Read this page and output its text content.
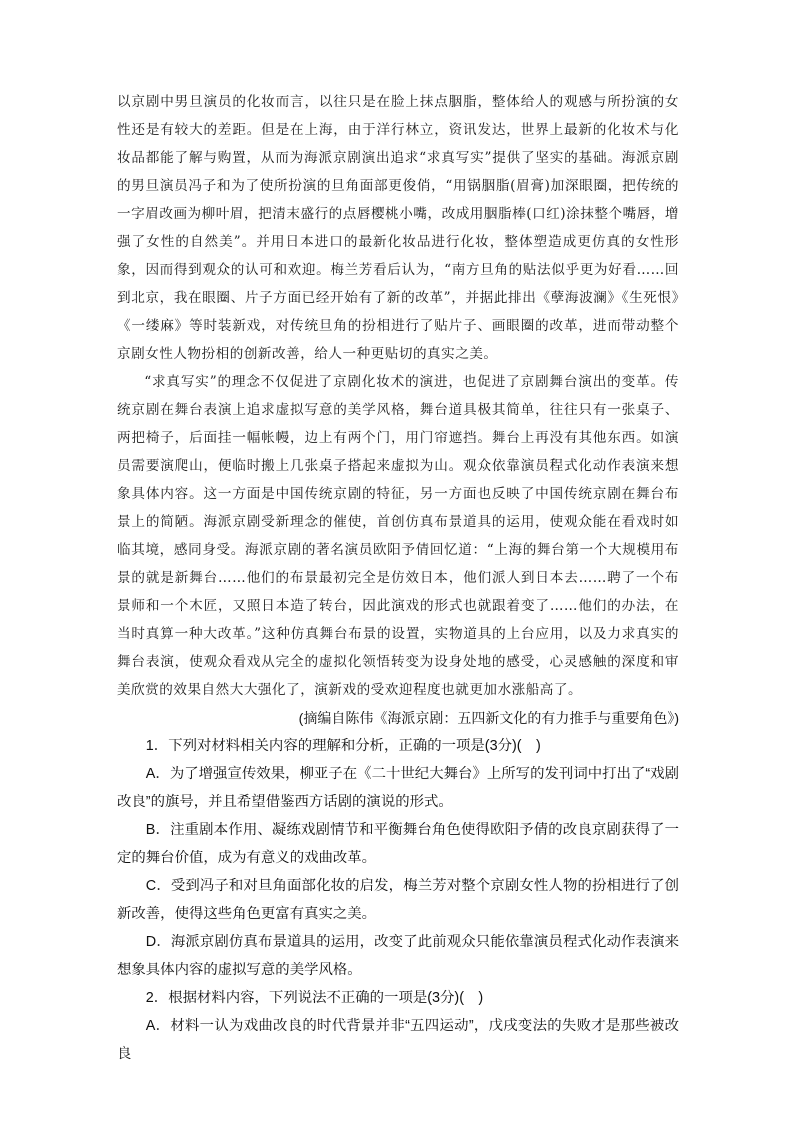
以京剧中男旦演员的化妆而言，以往只是在脸上抹点胭脂，整体给人的观感与所扮演的女性还是有较大的差距。但是在上海，由于洋行林立，资讯发达，世界上最新的化妆术与化妆品都能了解与购置，从而为海派京剧演出追求“求真写实”提供了坚实的基础。海派京剧的男旦演员冯子和为了使所扮演的旦角面部更俊俏，“用锅胭脂(眉膏)加深眼圈，把传统的一字眉改画为柳叶眉，把清末盛行的点唇樱桃小嘴，改成用胭脂棒(口红)涂抹整个嘴唇，增强了女性的自然美”。并用日本进口的最新化妆品进行化妆，整体塑造成更仿真的女性形象，因而得到观众的认可和欢迎。梅兰芳看后认为，“南方旦角的贴法似乎更为好看……回到北京，我在眼圈、片子方面已经开始有了新的改革”，并据此排出《孽海波澜》《生死恨》《一缕麻》等时装新戏，对传统旦角的扮相进行了贴片子、画眼圈的改革，进而带动整个京剧女性人物扮相的创新改善，给人一种更贴切的真实之美。

“求真写实”的理念不仅促进了京剧化妆术的演进，也促进了京剧舞台演出的变革。传统京剧在舞台表演上追求虚拟写意的美学风格，舞台道具极其简单，往往只有一张桌子、两把椅子，后面挂一幅帐幔，边上有两个门，用门帘遮挡。舞台上再没有其他东西。如演员需要演爬山，便临时搬上几张桌子搭起来虚拟为山。观众依靠演员程式化动作表演来想象具体内容。这一方面是中国传统京剧的特征，另一方面也反映了中国传统京剧在舞台布景上的简陋。海派京剧受新理念的催使，首创仿真布景道具的运用，使观众能在看戏时如临其境，感同身受。海派京剧的著名演员欧阳予倩回忆道：“上海的舞台第一个大规模用布景的就是新舞台……他们的布景最初完全是仿效日本，他们派人到日本去……聘了一个布景师和一个木匠，又照日本造了转台，因此演戏的形式也就跟着变了……他们的办法，在当时真算一种大改革。”这种仿真舞台布景的设置，实物道具的上台应用，以及力求真实的舞台表演，使观众看戏从完全的虚拟化领悟转变为设身处地的感受，心灵感触的深度和审美欣赏的效果自然大大强化了，演新戏的受欢迎程度也就更加水涨船高了。

(摘编自陈伟《海派京剧：五四新文化的有力推手与重要角色》)

1．下列对材料相关内容的理解和分析，正确的一项是(3分)(　)

A．为了增强宣传效果，柳亚子在《二十世纪大舞台》上所写的发刊词中打出了“戏剧改良”的旗号，并且希望借鉴西方话剧的演说的形式。

B．注重剧本作用、凝练戏剧情节和平衡舞台角色使得欧阳予倩的改良京剧获得了一定的舞台价值，成为有意义的戏曲改革。

C．受到冯子和对旦角面部化妆的启发，梅兰芳对整个京剧女性人物的扮相进行了创新改善，使得这些角色更富有真实之美。

D．海派京剧仿真布景道具的运用，改变了此前观众只能依靠演员程式化动作表演来想象具体内容的虚拟写意的美学风格。

2．根据材料内容，下列说法不正确的一项是(3分)(　)

A．材料一认为戏曲改良的时代背景并非“五四运动”，戊戌变法的失败才是那些被改良
